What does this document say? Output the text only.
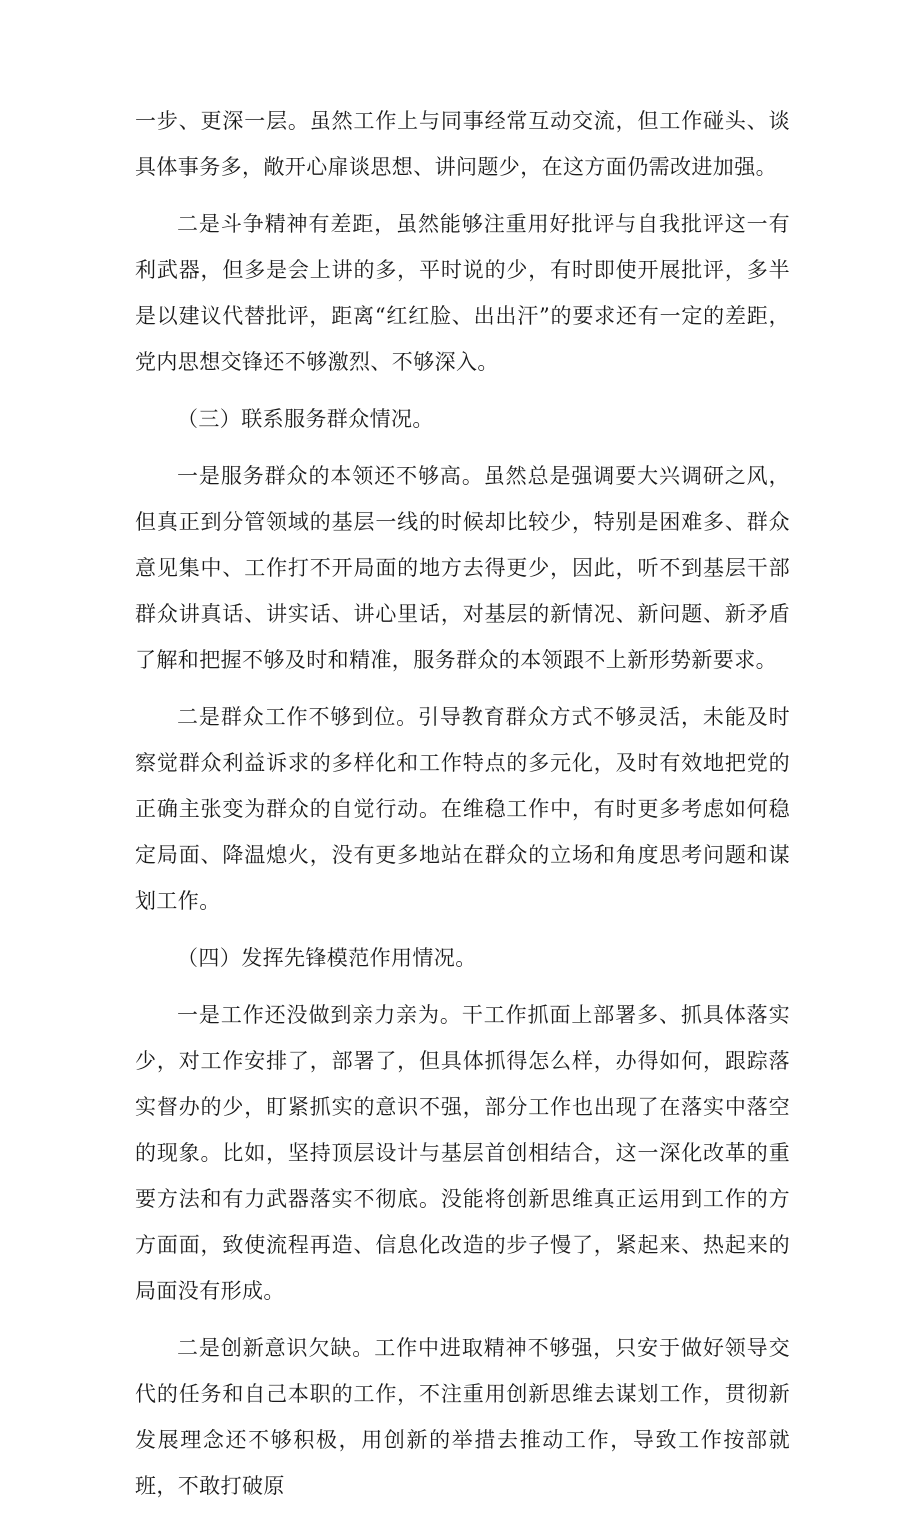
一步、更深一层。虽然工作上与同事经常互动交流，但工作碰头、谈具体事务多，敞开心扉谈思想、讲问题少，在这方面仍需改进加强。

二是斗争精神有差距，虽然能够注重用好批评与自我批评这一有利武器，但多是会上讲的多，平时说的少，有时即使开展批评，多半是以建议代替批评，距离“红红脸、出出汗”的要求还有一定的差距，党内思想交锋还不够激烈、不够深入。

（三）联系服务群众情况。

一是服务群众的本领还不够高。虽然总是强调要大兴调研之风，但真正到分管领域的基层一线的时候却比较少，特别是困难多、群众意见集中、工作打不开局面的地方去得更少，因此，听不到基层干部群众讲真话、讲实话、讲心里话，对基层的新情况、新问题、新矛盾了解和把握不够及时和精准，服务群众的本领跟不上新形势新要求。

二是群众工作不够到位。引导教育群众方式不够灵活，未能及时察觉群众利益诉求的多样化和工作特点的多元化，及时有效地把党的正确主张变为群众的自觉行动。在维稳工作中，有时更多考虑如何稳定局面、降温熄火，没有更多地站在群众的立场和角度思考问题和谋划工作。

（四）发挥先锋模范作用情况。

一是工作还没做到亲力亲为。干工作抓面上部署多、抓具体落实少，对工作安排了，部署了，但具体抓得怎么样，办得如何，跟踪落实督办的少，盯紧抓实的意识不强，部分工作也出现了在落实中落空的现象。比如，坚持顶层设计与基层首创相结合，这一深化改革的重要方法和有力武器落实不彻底。没能将创新思维真正运用到工作的方方面面，致使流程再造、信息化改造的步子慢了，紧起来、热起来的局面没有形成。

二是创新意识欠缺。工作中进取精神不够强，只安于做好领导交代的任务和自己本职的工作，不注重用创新思维去谋划工作，贯彻新发展理念还不够积极，用创新的举措去推动工作，导致工作按部就班，不敢打破原
